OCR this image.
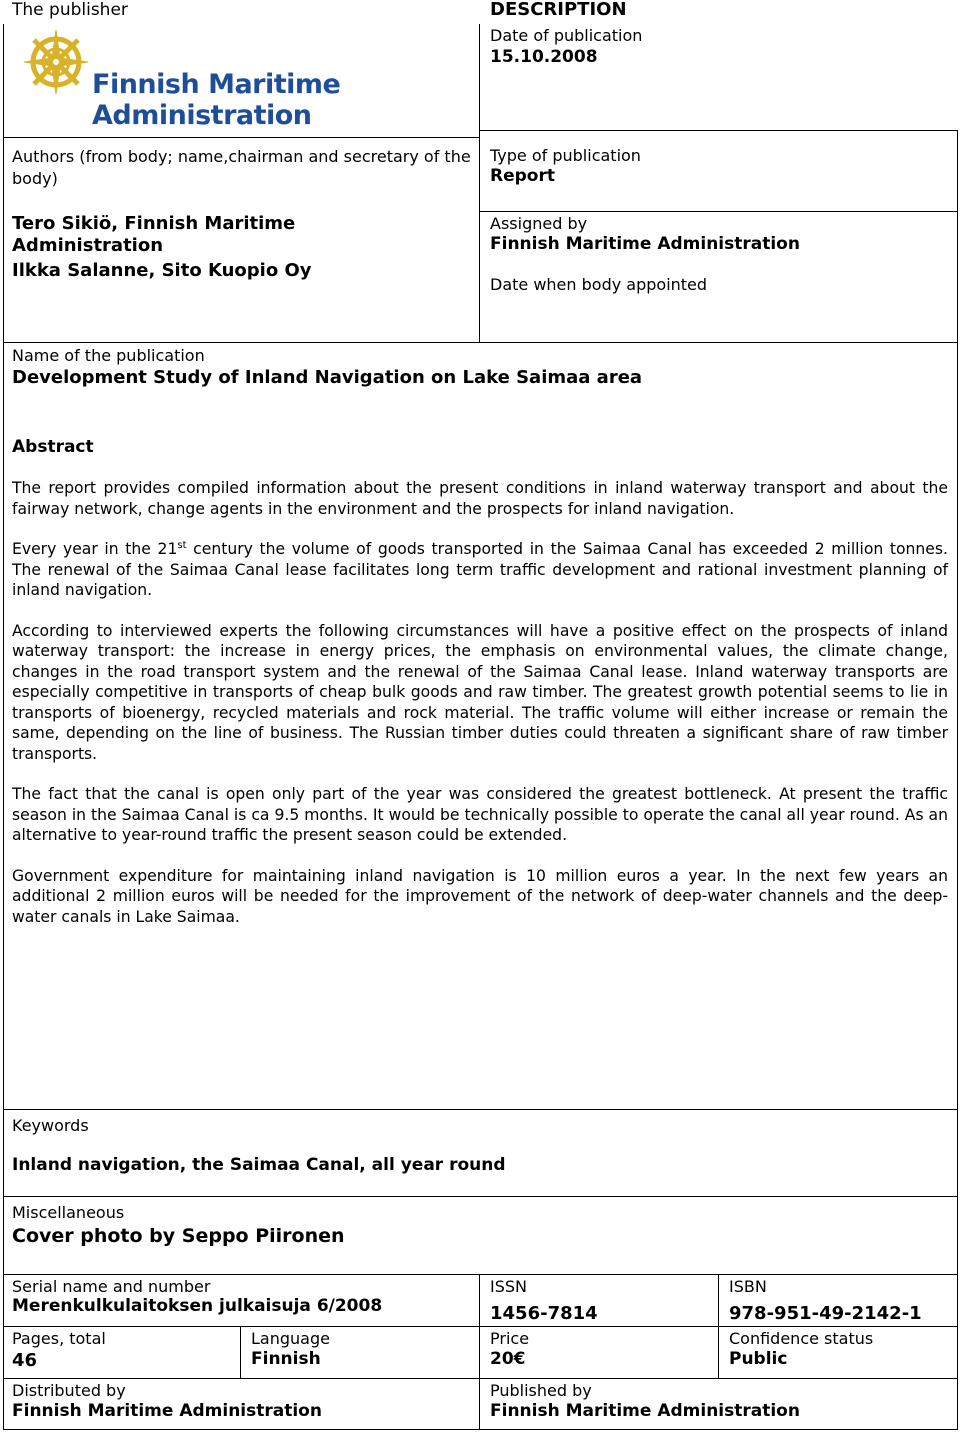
The publisher
Finnish Maritime
Administration
DESCRIPTION
Date of publication
15.10.2008
Authors (from body; name,chairman and secretary of the body)
Tero Sikiö, Finnish Maritime
Administration
Ilkka Salanne, Sito Kuopio Oy
Type of publication
Report
Assigned by
Finnish Maritime Administration
Date when body appointed
Name of the publication
Development Study of Inland Navigation on Lake Saimaa area
Abstract

The report provides compiled information about the present conditions in inland waterway transport and about the fairway network, change agents in the environment and the prospects for inland navigation.

Every year in the 21st century the volume of goods transported in the Saimaa Canal has exceeded 2 million tonnes. The renewal of the Saimaa Canal lease facilitates long term traffic development and rational investment planning of inland navigation.

According to interviewed experts the following circumstances will have a positive effect on the prospects of inland waterway transport: the increase in energy prices, the emphasis on environmental values, the climate change, changes in the road transport system and the renewal of the Saimaa Canal lease. Inland waterway transports are especially competitive in transports of cheap bulk goods and raw timber. The greatest growth potential seems to lie in transports of bioenergy, recycled materials and rock material. The traffic volume will either increase or remain the same, depending on the line of business. The Russian timber duties could threaten a significant share of raw timber transports.

The fact that the canal is open only part of the year was considered the greatest bottleneck. At present the traffic season in the Saimaa Canal is ca 9.5 months. It would be technically possible to operate the canal all year round. As an alternative to year-round traffic the present season could be extended.

Government expenditure for maintaining inland navigation is 10 million euros a year. In the next few years an additional 2 million euros will be needed for the improvement of the network of deep-water channels and the deep-water canals in Lake Saimaa.

Keywords
Inland navigation, the Saimaa Canal, all year round
Miscellaneous
Cover photo by Seppo Piironen
Serial name and number
Merenkulkulaitoksen julkaisuja 6/2008
ISSN
1456-7814
ISBN
978-951-49-2142-1
Pages, total
46
Language
Finnish
Price
20€
Confidence status
Public
Distributed by
Finnish Maritime Administration
Published by
Finnish Maritime Administration
